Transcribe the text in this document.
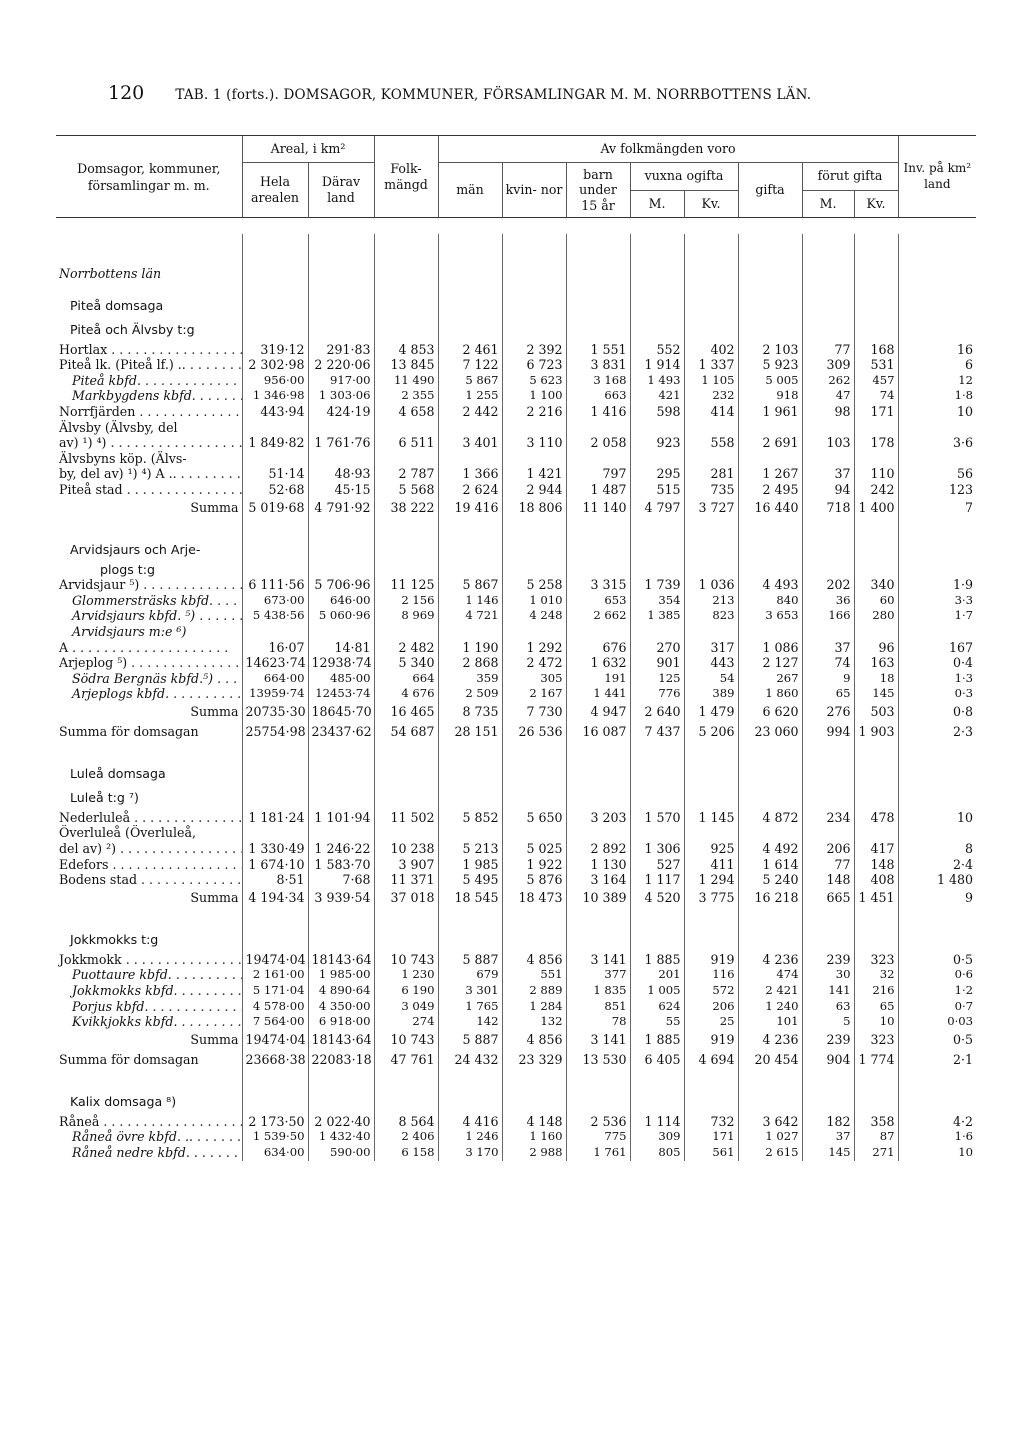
120 TAB. 1 (forts.). DOMSAGOR, KOMMUNER, FÖRSAMLINGAR M. M. NORRBOTTENS LÄN.
Domsagor, kommuner, församlingar m. m.	Areal, i km²		Folk- mängd	Av folkmängden voro								Inv. på km² land
	Hela arealen	Därav land		män	kvin- nor	barn under 15 år	vuxna ogifta		gifta	förut gifta		
							M.	Kv.		M.	Kv.	

Norrbottens län												
Piteå domsaga												
Piteå och Älvsby t:g												
Hortlax . . .	319·12	291·83	4 853	2 461	2 392	1 551	552	402	2 103	77	168	16
Piteå lk. (Piteå lf.) .. . . .	2 302·98	2 220·06	13 845	7 122	6 723	3 831	1 914	1 337	5 923	309	531	6
Piteå kbfd. . . .	956·00	917·00	11 490	5 867	5 623	3 168	1 493	1 105	5 005	262	457	12
Markbygdens kbfd. . . . .	1 346·98	1 303·06	2 355	1 255	1 100	663	421	232	918	47	74	1·8
Norrfjärden . . .	443·94	424·19	4 658	2 442	2 216	1 416	598	414	1 961	98	171	10
Älvsby (Älvsby, del												
av) ¹) ⁴) . . .	1 849·82	1 761·76	6 511	3 401	3 110	2 058	923	558	2 691	103	178	3·6
Älvsbyns köp. (Älvs-												
by, del av) ¹) ⁴) A .. . . .	51·14	48·93	2 787	1 366	1 421	797	295	281	1 267	37	110	56
Piteå stad . . .	52·68	45·15	5 568	2 624	2 944	1 487	515	735	2 495	94	242	123
Summa	5 019·68	4 791·92	38 222	19 416	18 806	11 140	4 797	3 727	16 440	718	1 400	7

Arvidsjaurs och Arje-												
plogs t:g												
Arvidsjaur ⁵) . . .	6 111·56	5 706·96	11 125	5 867	5 258	3 315	1 739	1 036	4 493	202	340	1·9
Glommersträsks kbfd. . . .	673·00	646·00	2 156	1 146	1 010	653	354	213	840	36	60	3·3
Arvidsjaurs kbfd. ⁵) . . .	5 438·56	5 060·96	8 969	4 721	4 248	2 662	1 385	823	3 653	166	280	1·7
Arvidsjaurs m:e ⁶)												
A . . .	16·07	14·81	2 482	1 190	1 292	676	270	317	1 086	37	96	167
Arjeplog ⁵) . . .	14623·74	12938·74	5 340	2 868	2 472	1 632	901	443	2 127	74	163	0·4
Södra Bergnäs kbfd.⁵) . . .	664·00	485·00	664	359	305	191	125	54	267	9	18	1·3
Arjeplogs kbfd. . . .	13959·74	12453·74	4 676	2 509	2 167	1 441	776	389	1 860	65	145	0·3
Summa	20735·30	18645·70	16 465	8 735	7 730	4 947	2 640	1 479	6 620	276	503	0·8
Summa för domsagan	25754·98	23437·62	54 687	28 151	26 536	16 087	7 437	5 206	23 060	994	1 903	2·3

Luleå domsaga												
Luleå t:g ⁷)												
Nederluleå . . .	1 181·24	1 101·94	11 502	5 852	5 650	3 203	1 570	1 145	4 872	234	478	10
Överluleå (Överluleå,												
del av) ²) . . .	1 330·49	1 246·22	10 238	5 213	5 025	2 892	1 306	925	4 492	206	417	8
Edefors . . .	1 674·10	1 583·70	3 907	1 985	1 922	1 130	527	411	1 614	77	148	2·4
Bodens stad . . .	8·51	7·68	11 371	5 495	5 876	3 164	1 117	1 294	5 240	148	408	1 480
Summa	4 194·34	3 939·54	37 018	18 545	18 473	10 389	4 520	3 775	16 218	665	1 451	9

Jokkmokks t:g												
Jokkmokk . . .	19474·04	18143·64	10 743	5 887	4 856	3 141	1 885	919	4 236	239	323	0·5
Puottaure kbfd. . . .	2 161·00	1 985·00	1 230	679	551	377	201	116	474	30	32	0·6
Jokkmokks kbfd. . . .	5 171·04	4 890·64	6 190	3 301	2 889	1 835	1 005	572	2 421	141	216	1·2
Porjus kbfd. . . .	4 578·00	4 350·00	3 049	1 765	1 284	851	624	206	1 240	63	65	0·7
Kvikkjokks kbfd. . . .	7 564·00	6 918·00	274	142	132	78	55	25	101	5	10	0·03
Summa	19474·04	18143·64	10 743	5 887	4 856	3 141	1 885	919	4 236	239	323	0·5
Summa för domsagan	23668·38	22083·18	47 761	24 432	23 329	13 530	6 405	4 694	20 454	904	1 774	2·1

Kalix domsaga ⁸)												
Råneå . . .	2 173·50	2 022·40	8 564	4 416	4 148	2 536	1 114	732	3 642	182	358	4·2
Råneå övre kbfd. .. . . .	1 539·50	1 432·40	2 406	1 246	1 160	775	309	171	1 027	37	87	1·6
Råneå nedre kbfd. . . . .	634·00	590·00	6 158	3 170	2 988	1 761	805	561	2 615	145	271	10
